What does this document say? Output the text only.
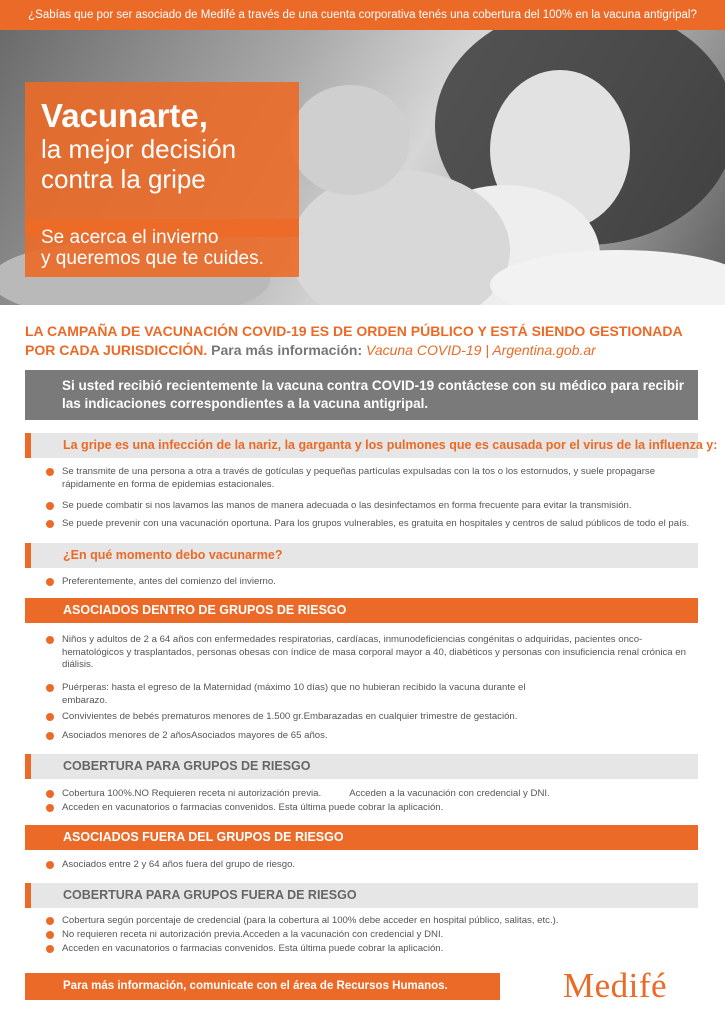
¿Sabías que por ser asociado de Medifé a través de una cuenta corporativa tenés una cobertura del 100% en la vacuna antigripal?
Vacunarte,
la mejor decisión
contra la gripe
Se acerca el invierno
y queremos que te cuides.
LA CAMPAÑA DE VACUNACIÓN COVID-19 ES DE ORDEN PÚBLICO Y ESTÁ SIENDO GESTIONADA POR CADA JURISDICCIÓN. Para más información: Vacuna COVID-19 | Argentina.gob.ar
Si usted recibió recientemente la vacuna contra COVID-19 contáctese con su médico para recibir las indicaciones correspondientes a la vacuna antigripal.
La gripe es una infección de la nariz, la garganta y los pulmones que es causada por el virus de la influenza y:
Se transmite de una persona a otra a través de gotículas y pequeñas partículas expulsadas con la tos o los estornudos, y suele propagarse rápidamente en forma de epidemias estacionales.
Se puede combatir si nos lavamos las manos de manera adecuada o las desinfectamos en forma frecuente para evitar la transmisión.
Se puede prevenir con una vacunación oportuna. Para los grupos vulnerables, es gratuita en hospitales y centros de salud públicos de todo el país.
¿En qué momento debo vacunarme?
Preferentemente, antes del comienzo del invierno.
ASOCIADOS DENTRO DE GRUPOS DE RIESGO
Niños y adultos de 2 a 64 años con enfermedades respiratorias, cardíacas, inmunodeficiencias congénitas o adquiridas, pacientes onco-hematológicos y trasplantados, personas obesas con índice de masa corporal mayor a 40, diabéticos y personas con insuficiencia renal crónica en diálisis.
Puérperas: hasta el egreso de la Maternidad (máximo 10 días) que no hubieran recibido la vacuna durante el embarazo.
Convivientes de bebés prematuros menores de 1.500 gr.Embarazadas en cualquier trimestre de gestación.
Asociados menores de 2 añosAsociados mayores de 65 años.
COBERTURA PARA GRUPOS DE RIESGO
Cobertura 100%.NO Requieren receta ni autorización previa.	Acceden a la vacunación con credencial y DNI.
Acceden en vacunatorios o farmacias convenidos. Esta última puede cobrar la aplicación.
ASOCIADOS FUERA DEL GRUPOS DE RIESGO
Asociados entre 2 y 64 años fuera del grupo de riesgo.
COBERTURA PARA GRUPOS FUERA DE RIESGO
Cobertura según porcentaje de credencial (para la cobertura al 100% debe acceder en hospital público, salitas, etc.).
No requieren receta ni autorización previa.Acceden a la vacunación con credencial y DNI.
Acceden en vacunatorios o farmacias convenidos. Esta última puede cobrar la aplicación.
Para más información, comunicate con el área de Recursos Humanos.	Medifé
